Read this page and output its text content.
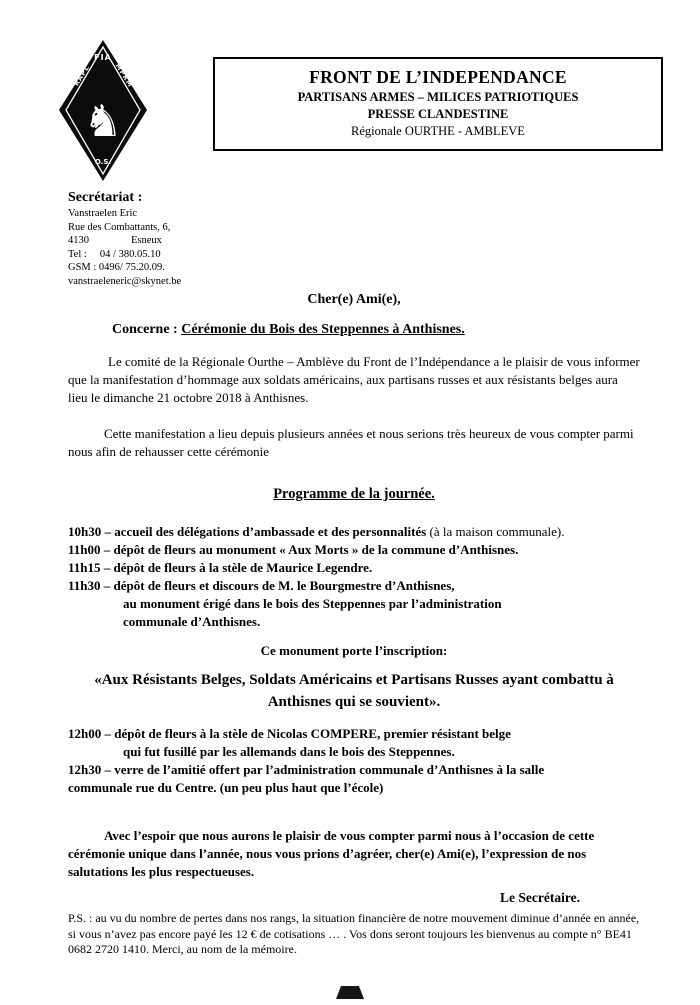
FIA
RAPL	MPRM
♞
O.S.
FRONT DE L’INDEPENDANCE
PARTISANS ARMES – MILICES PATRIOTIQUES
PRESSE CLANDESTINE
Régionale OURTHE - AMBLEVE
Secrétariat :
Vanstraelen Eric
Rue des Combattants, 6,
4130                Esneux
Tel :     04 / 380.05.10
GSM : 0496/ 75.20.09.
vanstraeleneric@skynet.be
Cher(e) Ami(e),
Concerne : Cérémonie du Bois des Steppennes à Anthisnes.

Le comité de la Régionale Ourthe – Amblève du Front de l’Indépendance a le plaisir de vous informer que la manifestation d’hommage aux soldats américains, aux partisans russes et aux résistants belges aura lieu le dimanche 21 octobre 2018 à Anthisnes.

Cette manifestation a lieu depuis plusieurs années et nous serions très heureux de vous compter parmi nous afin de rehausser cette cérémonie

Programme de la journée.
10h30 – accueil des délégations d’ambassade et des personnalités (à la maison communale).
11h00 – dépôt de fleurs au monument « Aux Morts » de la commune d’Anthisnes.
11h15 – dépôt de fleurs à la stèle de Maurice Legendre.
11h30 – dépôt de fleurs et discours de M. le Bourgmestre d’Anthisnes,
au monument érigé dans le bois des Steppennes par l’administration
communale d’Anthisnes.
Ce monument porte l’inscription:
«Aux Résistants Belges, Soldats Américains et Partisans Russes ayant combattu à Anthisnes qui se souvient».
12h00 – dépôt de fleurs à la stèle de Nicolas COMPERE, premier résistant belge
qui fut fusillé par les allemands dans le bois des Steppennes.
12h30 – verre de l’amitié offert par l’administration communale d’Anthisnes à la salle
communale rue du Centre. (un peu plus haut que l’école)

Avec l’espoir que nous aurons le plaisir de vous compter parmi nous à l’occasion de cette cérémonie unique dans l’année, nous vous prions d’agréer, cher(e) Ami(e), l’expression de nos salutations les plus respectueuses.

Le Secrétaire.

P.S. : au vu du nombre de pertes dans nos rangs, la situation financière de notre mouvement diminue d’année en année, si vous n’avez pas encore payé les 12 € de cotisations … . Vos dons seront toujours les bienvenus au compte n° BE41 0682 2720 1410. Merci, au nom de la mémoire.
